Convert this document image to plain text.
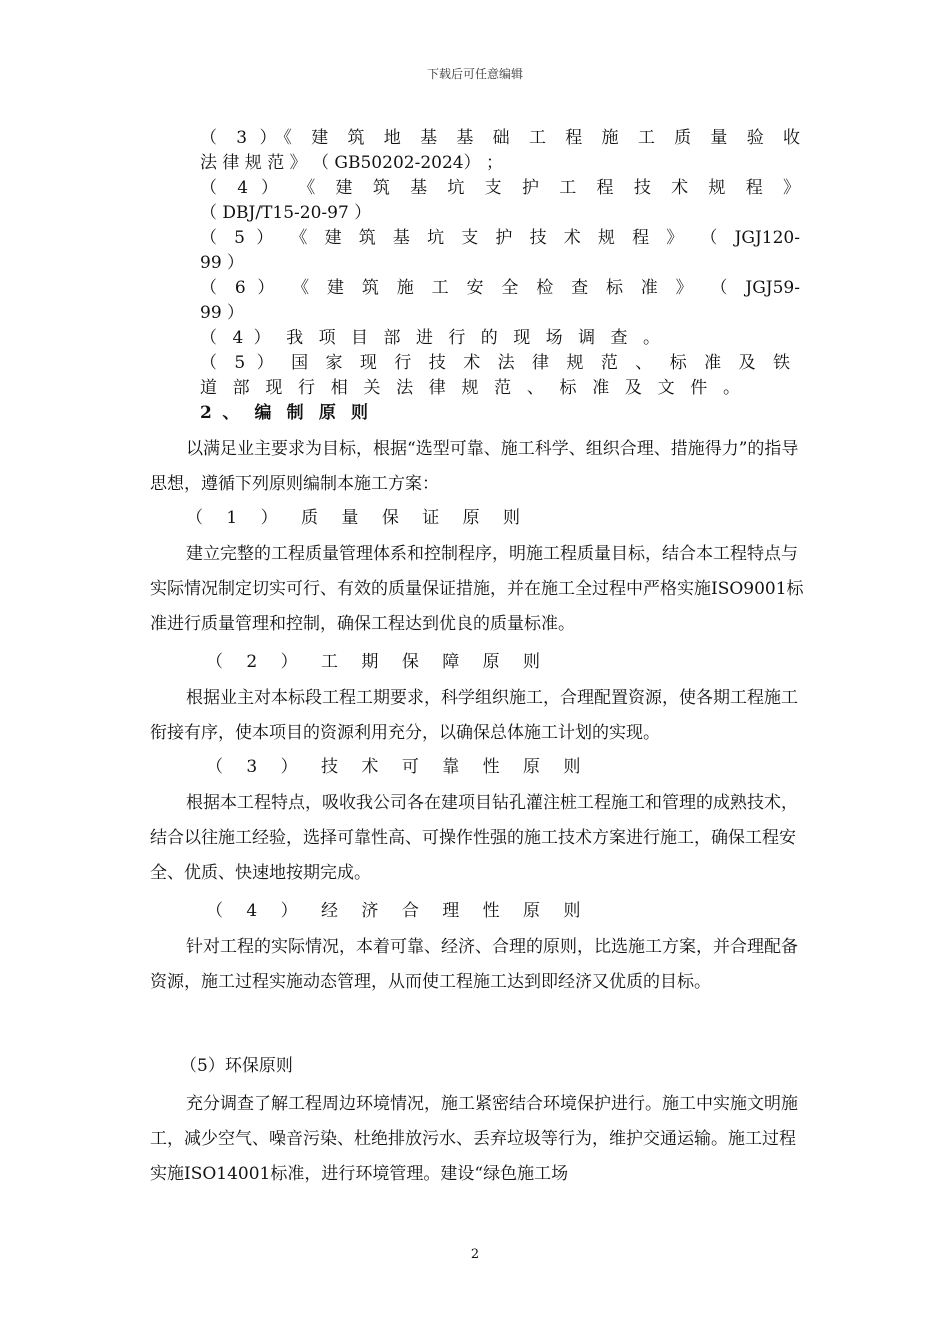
下载后可任意编辑
（ 3 ）《 建 筑 地 基 基 础 工 程 施 工 质 量 验 收
法 律 规 范 》 （ GB50202-2024） ；
（ 4 ） 《 建 筑 基 坑 支 护 工 程 技 术 规 程 》
（ DBJ/T15-20-97 ）
（ 5 ） 《 建 筑 基 坑 支 护 技 术 规 程 》 （ JGJ120-
99 ）
（ 6 ） 《 建 筑 施 工 安 全 检 查 标 准 》 （ JGJ59-
99 ）
（ 4 ） 我 项 目 部 进 行 的 现 场 调 查 。
（ 5 ） 国 家 现 行 技 术 法 律 规 范 、 标 准 及 铁
道 部 现 行 相 关 法 律 规 范 、 标 准 及 文 件 。
2 、 编 制 原 则
以满足业主要求为目标，根据“选型可靠、施工科学、组织合理、措施得力”的指导思想，遵循下列原则编制本施工方案：
（ 1 ） 质 量 保 证 原 则
建立完整的工程质量管理体系和控制程序，明施工程质量目标，结合本工程特点与实际情况制定切实可行、有效的质量保证措施，并在施工全过程中严格实施ISO9001标准进行质量管理和控制，确保工程达到优良的质量标准。
（ 2 ） 工 期 保 障 原 则
根据业主对本标段工程工期要求，科学组织施工，合理配置资源，使各期工程施工衔接有序，使本项目的资源利用充分，以确保总体施工计划的实现。
（ 3 ） 技 术 可 靠 性 原 则
根据本工程特点，吸收我公司各在建项目钻孔灌注桩工程施工和管理的成熟技术，结合以往施工经验，选择可靠性高、可操作性强的施工技术方案进行施工，确保工程安全、优质、快速地按期完成。
（ 4 ） 经 济 合 理 性 原 则
针对工程的实际情况，本着可靠、经济、合理的原则，比选施工方案，并合理配备资源，施工过程实施动态管理，从而使工程施工达到即经济又优质的目标。
（5）环保原则
充分调查了解工程周边环境情况，施工紧密结合环境保护进行。施工中实施文明施工，减少空气、噪音污染、杜绝排放污水、丢弃垃圾等行为，维护交通运输。施工过程实施ISO14001标准，进行环境管理。建设“绿色施工场
2
